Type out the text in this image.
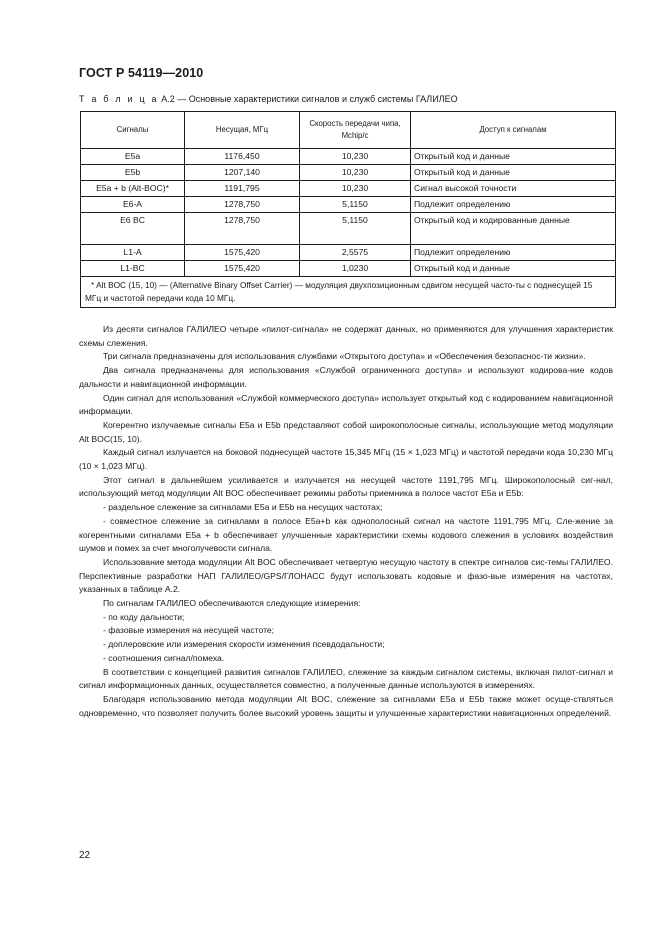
ГОСТ Р 54119—2010
Т а б л и ц а А.2 — Основные характеристики сигналов и служб системы ГАЛИЛЕО
Сигналы	Несущая, МГц	Скорость передачи чипа, Mchip/c	Доступ к сигналам
E5a	1176,450	10,230	Открытый код и данные
E5b	1207,140	10,230	Открытый код и данные
E5a + b (Alt-BOC)*	1191,795	10,230	Сигнал высокой точности
E6-A	1278,750	5,1150	Подлежит определению
E6 BC	1278,750	5,1150	Открытый код и кодированные данные
L1-A	1575,420	2,5575	Подлежит определению
L1-BC	1575,420	1,0230	Открытый код и данные
* Alt BOC (15, 10) — (Alternative Binary Offset Carrier) — модуляция двухпозиционным сдвигом несущей часто-ты с поднесущей 15 МГц и частотой передачи кода 10 МГц.			

Из десяти сигналов ГАЛИЛЕО четыре «пилот-сигнала» не содержат данных, но применяются для улучшения характеристик схемы слежения.

Три сигнала предназначены для использования службами «Открытого доступа» и «Обеспечения безопаснос-ти жизни».

Два сигнала предназначены для использования «Службой ограниченного доступа» и используют кодирова-ние кодов дальности и навигационной информации.

Один сигнал для использования «Службой коммерческого доступа» использует открытый код с кодированием навигационной информации.

Когерентно излучаемые сигналы E5a и E5b представляют собой широкополосные сигналы, использующие метод модуляции Alt BOC(15, 10).

Каждый сигнал излучается на боковой поднесущей частоте 15,345 МГц (15 × 1,023 МГц) и частотой передачи кода 10,230 МГц (10 × 1,023 МГц).

Этот сигнал в дальнейшем усиливается и излучается на несущей частоте 1191,795 МГц. Широкополосный сиг-нал, использующий метод модуляции Alt BOC обеспечивает режимы работы приемника в полосе частот E5a и E5b:

- раздельное слежение за сигналами E5a и E5b на несущих частотах;

- совместное слежение за сигналами в полосе E5a+b как однополосный сигнал на частоте 1191,795 МГц. Сле-жение за когерентными сигналами E5a + b обеспечивает улучшенные характеристики схемы кодового слежения в условиях воздействия шумов и помех за счет многолучевости сигнала.

Использование метода модуляции Alt BOC обеспечивает четвертую несущую частоту в спектре сигналов сис-темы ГАЛИЛЕО. Перспективные разработки НАП ГАЛИЛЕО/GPS/ГЛОНАСС будут использовать кодовые и фазо-вые измерения на частотах, указанных в таблице А.2.

По сигналам ГАЛИЛЕО обеспечиваются следующие измерения:

- по коду дальности;

- фазовые измерения на несущей частоте;

- доплеровские или измерения скорости изменения псевдодальности;

- соотношения сигнал/помеха.

В соответствии с концепцией развития сигналов ГАЛИЛЕО, слежение за каждым сигналом системы, включая пилот-сигнал и сигнал информационных данных, осуществляется совместно, а полученные данные используются в измерениях.

Благодаря использованию метода модуляции Alt BOC, слежение за сигналами E5a и E5b также может осуще-ствляться одновременно, что позволяет получить более высокий уровень защиты и улучшенные характеристики навигационных определений.

22
